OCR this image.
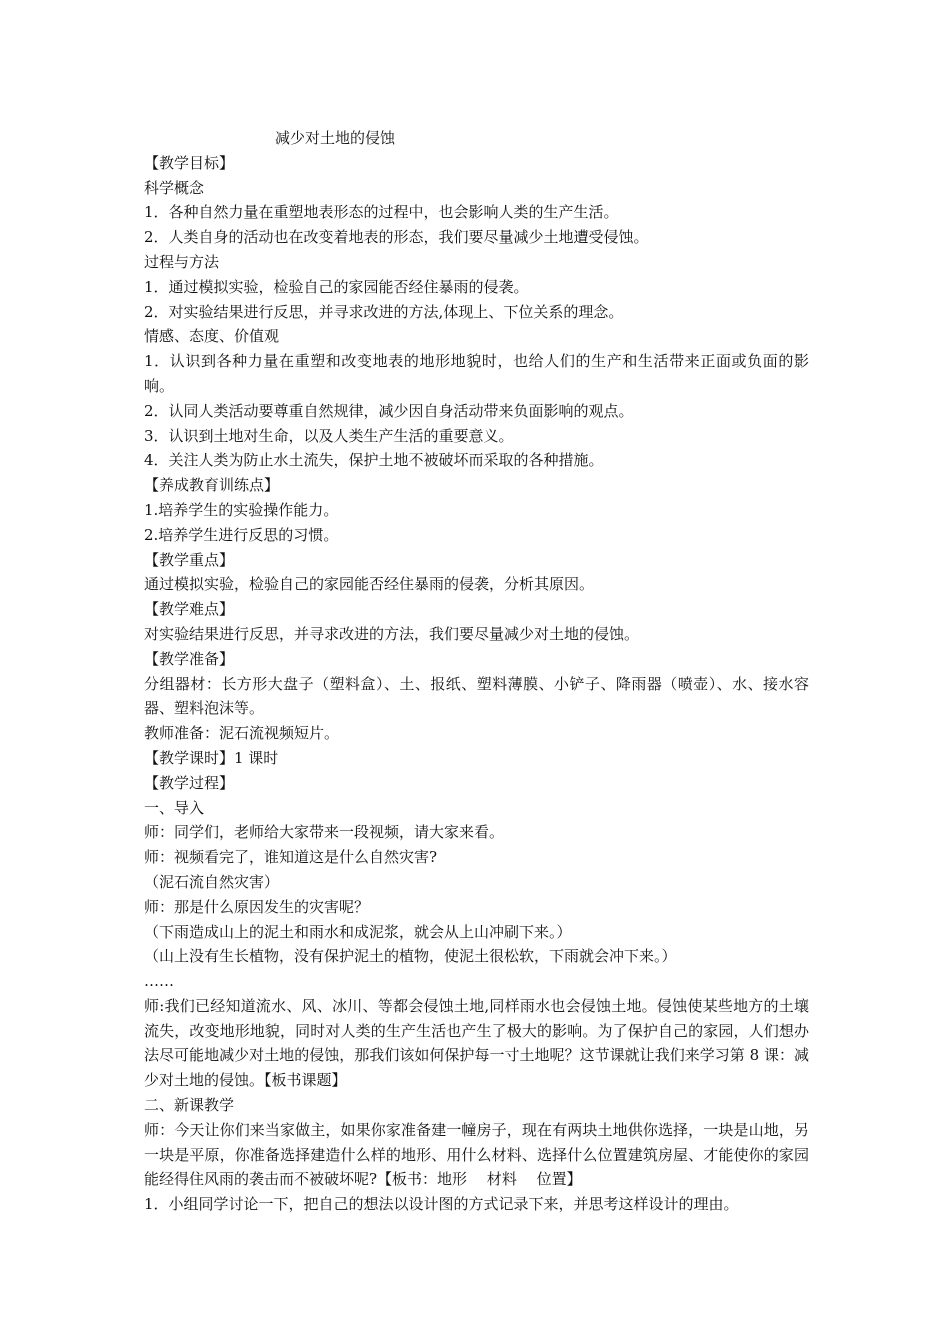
减少对土地的侵蚀
【教学目标】
科学概念
1．各种自然力量在重塑地表形态的过程中，也会影响人类的生产生活。
2．人类自身的活动也在改变着地表的形态，我们要尽量减少土地遭受侵蚀。
过程与方法
1．通过模拟实验，检验自己的家园能否经住暴雨的侵袭。
2．对实验结果进行反思，并寻求改进的方法,体现上、下位关系的理念。
情感、态度、价值观
1．认识到各种力量在重塑和改变地表的地形地貌时，也给人们的生产和生活带来正面或负面的影响。
2．认同人类活动要尊重自然规律，减少因自身活动带来负面影响的观点。
3．认识到土地对生命，以及人类生产生活的重要意义。
4．关注人类为防止水土流失，保护土地不被破坏而采取的各种措施。
【养成教育训练点】
1.培养学生的实验操作能力。
2.培养学生进行反思的习惯。
【教学重点】
通过模拟实验，检验自己的家园能否经住暴雨的侵袭，分析其原因。
【教学难点】
对实验结果进行反思，并寻求改进的方法，我们要尽量减少对土地的侵蚀。
【教学准备】
分组器材：长方形大盘子（塑料盒）、土、报纸、塑料薄膜、小铲子、降雨器（喷壶）、水、接水容器、塑料泡沫等。
教师准备：泥石流视频短片。
【教学课时】1 课时
【教学过程】
一、导入
师：同学们，老师给大家带来一段视频，请大家来看。
师：视频看完了，谁知道这是什么自然灾害?
（泥石流自然灾害）
师：那是什么原因发生的灾害呢？
（下雨造成山上的泥土和雨水和成泥浆，就会从上山冲刷下来。）
（山上没有生长植物，没有保护泥土的植物，使泥土很松软，下雨就会冲下来。）
……
师:我们已经知道流水、风、冰川、等都会侵蚀土地,同样雨水也会侵蚀土地。侵蚀使某些地方的土壤流失，改变地形地貌，同时对人类的生产生活也产生了极大的影响。为了保护自己的家园，人们想办法尽可能地减少对土地的侵蚀，那我们该如何保护每一寸土地呢？这节课就让我们来学习第 8 课：减少对土地的侵蚀。【板书课题】
二、新课教学
师：今天让你们来当家做主，如果你家准备建一幢房子，现在有两块土地供你选择，一块是山地，另一块是平原，你准备选择建造什么样的地形、用什么材料、选择什么位置建筑房屋、才能使你的家园能经得住风雨的袭击而不被破坏呢?【板书：地形　 材料　 位置】
1．小组同学讨论一下，把自己的想法以设计图的方式记录下来，并思考这样设计的理由。
